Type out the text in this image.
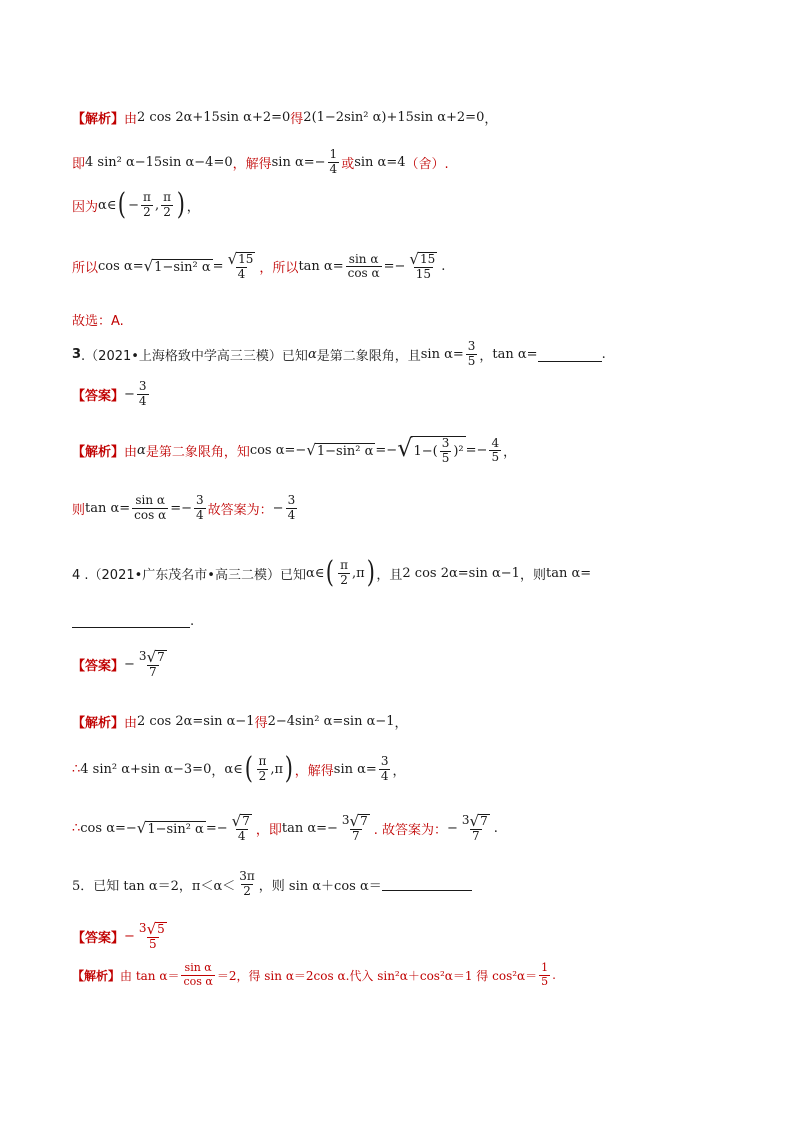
【解析】 由 2 cos 2α+15sin α+2=0 得 2(1−2sin² α)+15sin α+2=0 ，
即 4 sin² α−15sin α−4=0 ，解得 $\sin \alpha=- \frac{1}{4}$ 或 sin α=4 （舍）.
因为 α∈ ( − $\frac{\pi}{2}$ , $\frac{\pi}{2}$ ) ，
所以 cos α= √ 1−sin² $\alpha = \frac{√ 15}{4}$ ，所以 $\tan \alpha= \frac{\text{sin α}}{\text{cos α}} =- \frac{√ 15}{15}$ .
故选：A.
3 .（2021•上海格致中学高三三模）已知 α 是第二象限角，且 $\sin \alpha= \frac{3}{5}$ ， tan α=	.
【答案】 − $\frac{3}{4}$
【解析】 由 α 是第二象限角，知 cos α=− √ 1−sin² α =− √ $1-( \frac{3}{5} )^2 =- \frac{4}{5}$ ，
则 $\tan \alpha= \frac{\text{sin α}}{\text{cos α}} =- \frac{3}{4}$ 故答案为： − $\frac{3}{4}$
4 .（2021•广东茂名市•高三二模）已知 α∈ ( $\frac{\pi}{2} ,\pi$ ) ，且 2 cos 2α=sin α−1 ，则 tan α=
.
【答案】 − $\frac{3 √ 7}{7}$
【解析】 由 2 cos 2α=sin α−1 得 2−4sin² α=sin α−1 ，
∴ 4 sin² α+sin α−3=0 ， α∈ ( $\frac{\pi}{2} ,\pi$ ) ，解得 $\sin \alpha= \frac{3}{4}$ ，
∴ cos α=− √ 1−sin² $\alpha =- \frac{√ 7}{4}$ ，即 $\tan \alpha=- \frac{3 √ 7}{7}$ . 故答案为： − $\frac{3 √ 7}{7}$ .
5．已知 tan α＝2，$\pi<\alpha< \frac{3\pi}{2}$ ，则 sin α＋cos α＝
【答案】 − $\frac{3 √ 5}{5}$
【解析】 由 $\tan \alpha= \frac{\text{sin α}}{\text{cos α}} =2$，得 sin α＝2cos α.代入 sin²α＋cos²α＝1 得 $\cos^2\alpha= \frac{1}{5}$ .
